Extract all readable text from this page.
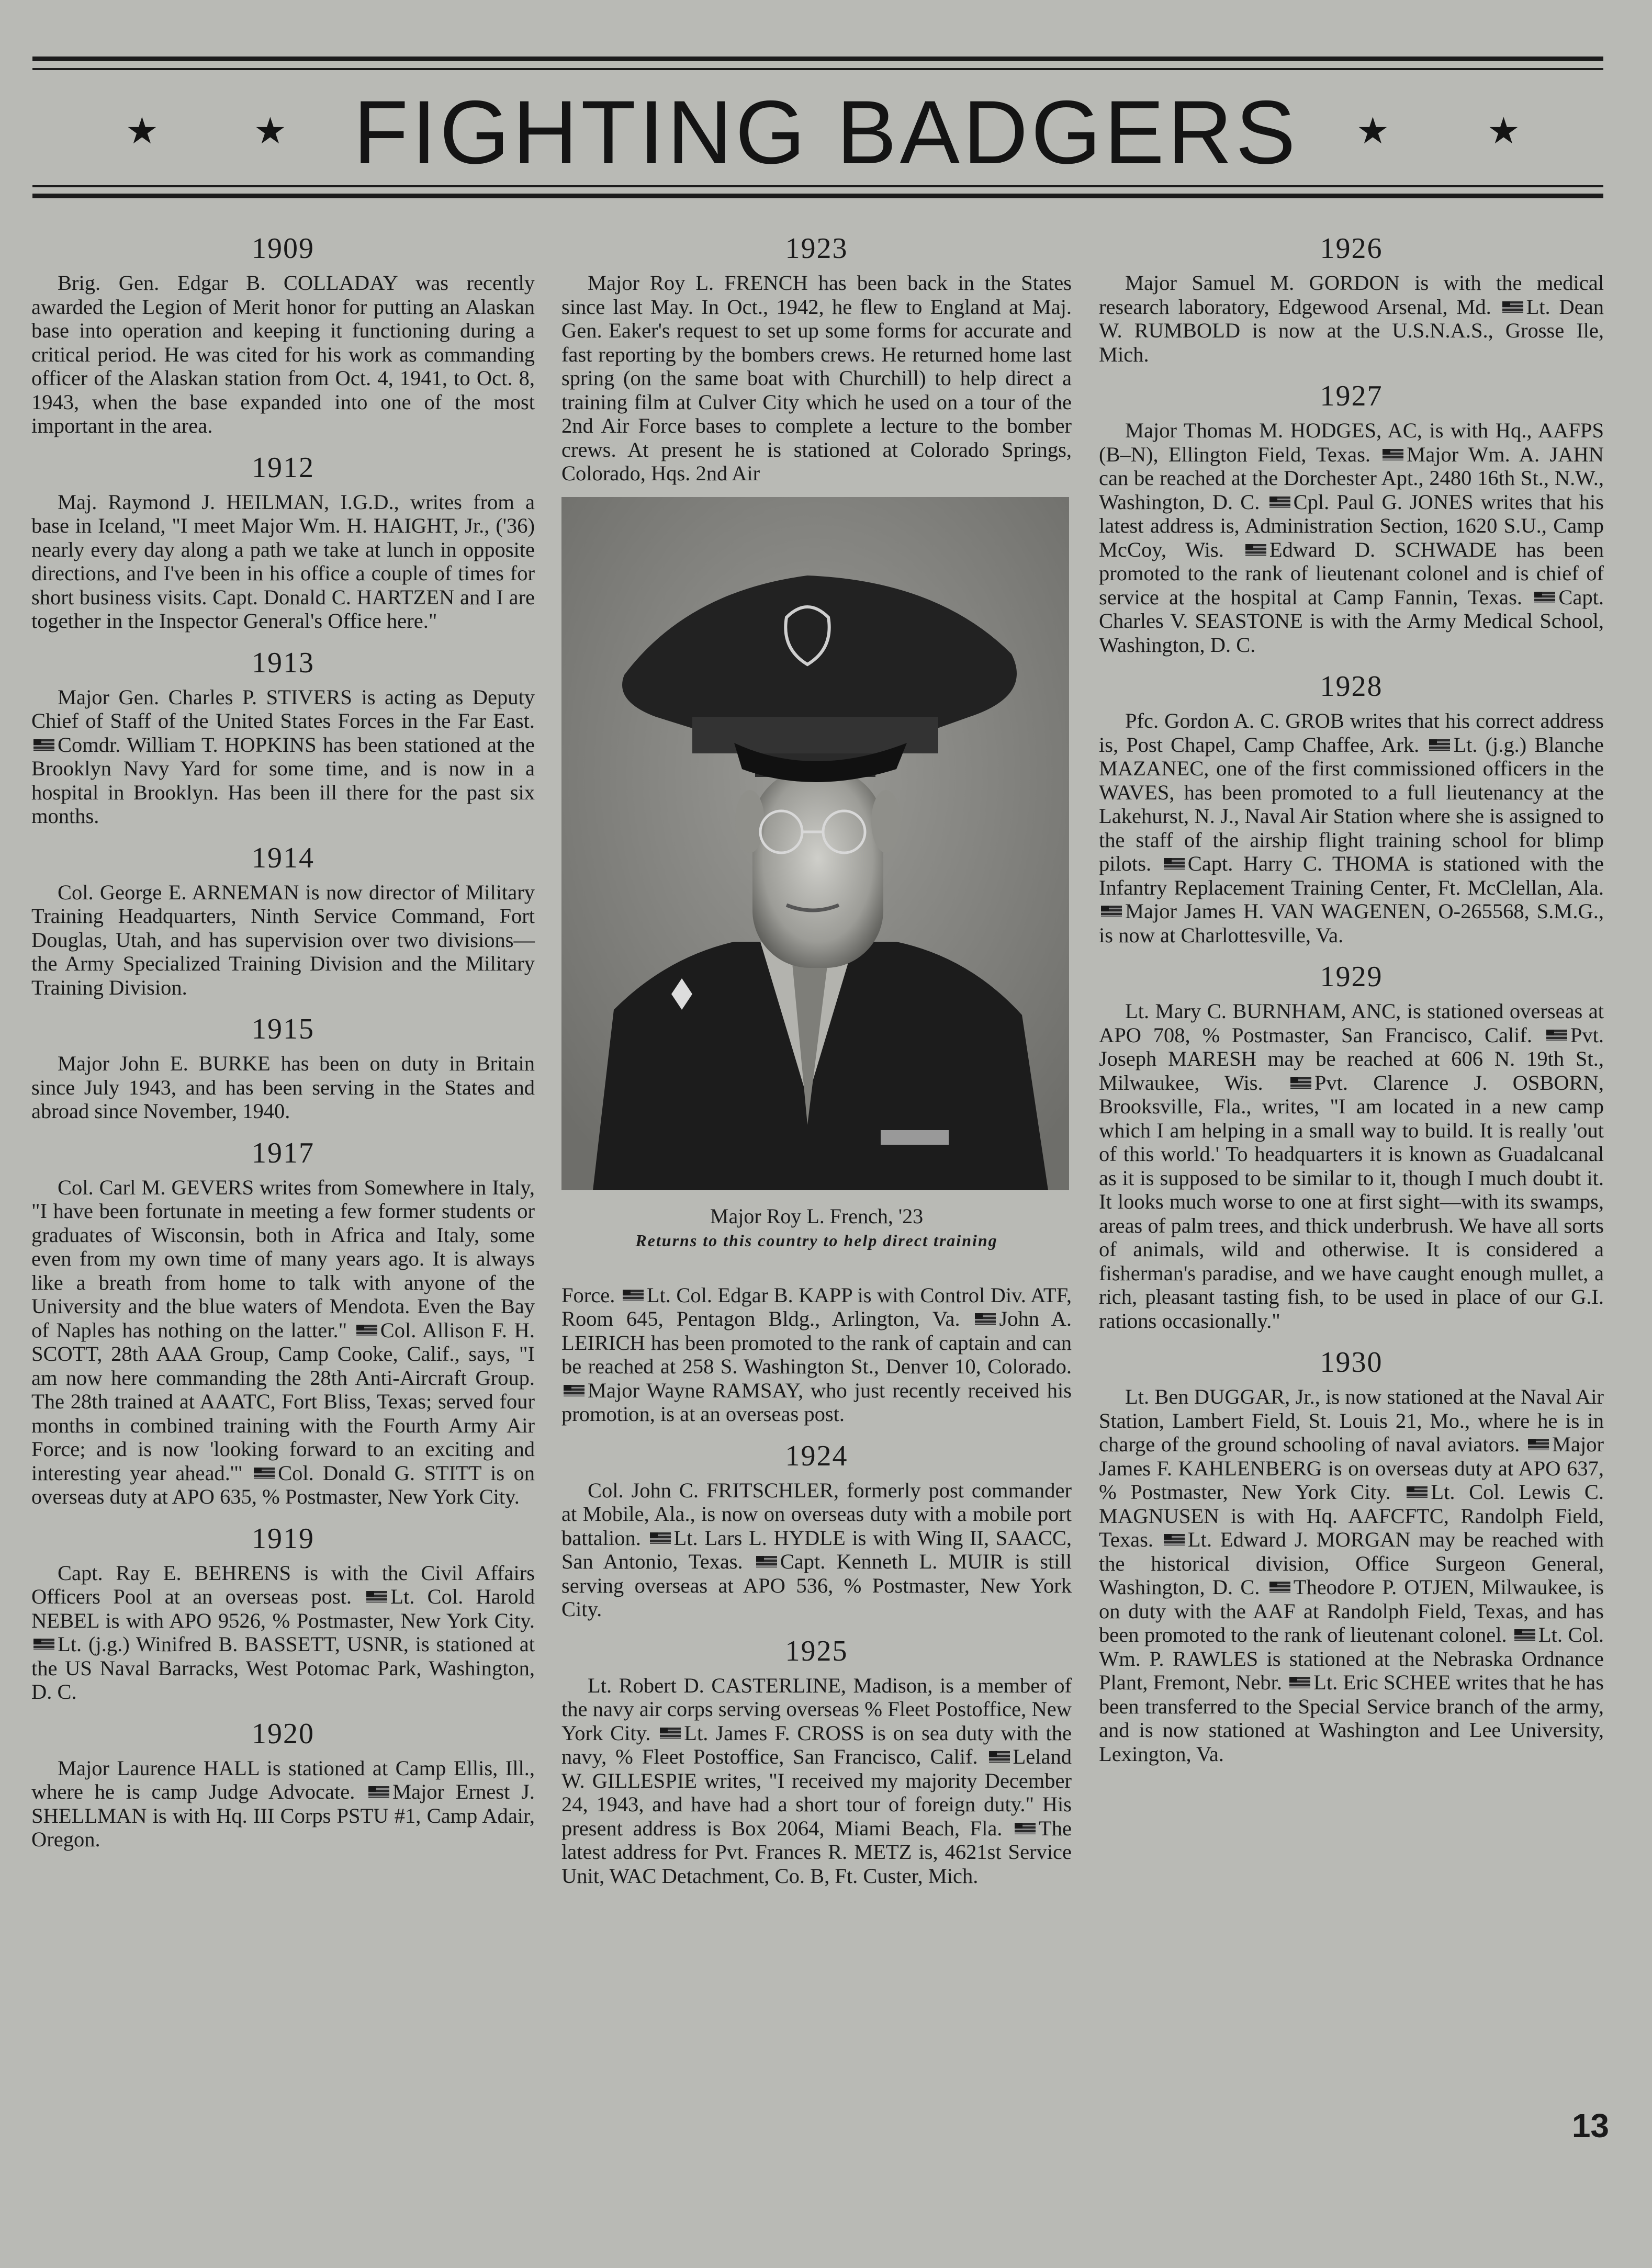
★	★ FIGHTING BADGERS	★	★
1909

Brig. Gen. Edgar B. COLLADAY was recently awarded the Legion of Merit honor for putting an Alaskan base into operation and keeping it functioning during a critical period. He was cited for his work as commanding officer of the Alaskan station from Oct. 4, 1941, to Oct. 8, 1943, when the base expanded into one of the most important in the area.

1912

Maj. Raymond J. HEILMAN, I.G.D., writes from a base in Iceland, "I meet Major Wm. H. HAIGHT, Jr., ('36) nearly every day along a path we take at lunch in opposite directions, and I've been in his office a couple of times for short business visits. Capt. Donald C. HARTZEN and I are together in the Inspector General's Office here."

1913

Major Gen. Charles P. STIVERS is acting as Deputy Chief of Staff of the United States Forces in the Far East. Comdr. William T. HOPKINS has been stationed at the Brooklyn Navy Yard for some time, and is now in a hospital in Brooklyn. Has been ill there for the past six months.

1914

Col. George E. ARNEMAN is now director of Military Training Headquarters, Ninth Service Command, Fort Douglas, Utah, and has supervision over two divisions—the Army Specialized Training Division and the Military Training Division.

1915

Major John E. BURKE has been on duty in Britain since July 1943, and has been serving in the States and abroad since November, 1940.

1917

Col. Carl M. GEVERS writes from Somewhere in Italy, "I have been fortunate in meeting a few former students or graduates of Wisconsin, both in Africa and Italy, some even from my own time of many years ago. It is always like a breath from home to talk with anyone of the University and the blue waters of Mendota. Even the Bay of Naples has nothing on the latter." Col. Allison F. H. SCOTT, 28th AAA Group, Camp Cooke, Calif., says, "I am now here commanding the 28th Anti-Aircraft Group. The 28th trained at AAATC, Fort Bliss, Texas; served four months in combined training with the Fourth Army Air Force; and is now 'looking forward to an exciting and interesting year ahead.'" Col. Donald G. STITT is on overseas duty at APO 635, % Postmaster, New York City.

1919

Capt. Ray E. BEHRENS is with the Civil Affairs Officers Pool at an overseas post. Lt. Col. Harold NEBEL is with APO 9526, % Postmaster, New York City. Lt. (j.g.) Winifred B. BASSETT, USNR, is stationed at the US Naval Barracks, West Potomac Park, Washington, D. C.

1920

Major Laurence HALL is stationed at Camp Ellis, Ill., where he is camp Judge Advocate. Major Ernest J. SHELLMAN is with Hq. III Corps PSTU #1, Camp Adair, Oregon.

1923

Major Roy L. FRENCH has been back in the States since last May. In Oct., 1942, he flew to England at Maj. Gen. Eaker's request to set up some forms for accurate and fast reporting by the bombers crews. He returned home last spring (on the same boat with Churchill) to help direct a training film at Culver City which he used on a tour of the 2nd Air Force bases to complete a lecture to the bomber crews. At present he is stationed at Colorado Springs, Colorado, Hqs. 2nd Air

Major Roy L. French, '23

Returns to this country to help direct training

Force. Lt. Col. Edgar B. KAPP is with Control Div. ATF, Room 645, Pentagon Bldg., Arlington, Va. John A. LEIRICH has been promoted to the rank of captain and can be reached at 258 S. Washington St., Denver 10, Colorado. Major Wayne RAMSAY, who just recently received his promotion, is at an overseas post.

1924

Col. John C. FRITSCHLER, formerly post commander at Mobile, Ala., is now on overseas duty with a mobile port battalion. Lt. Lars L. HYDLE is with Wing II, SAACC, San Antonio, Texas. Capt. Kenneth L. MUIR is still serving overseas at APO 536, % Postmaster, New York City.

1925

Lt. Robert D. CASTERLINE, Madison, is a member of the navy air corps serving overseas % Fleet Postoffice, New York City. Lt. James F. CROSS is on sea duty with the navy, % Fleet Postoffice, San Francisco, Calif. Leland W. GILLESPIE writes, "I received my majority December 24, 1943, and have had a short tour of foreign duty." His present address is Box 2064, Miami Beach, Fla. The latest address for Pvt. Frances R. METZ is, 4621st Service Unit, WAC Detachment, Co. B, Ft. Custer, Mich.

1926

Major Samuel M. GORDON is with the medical research laboratory, Edgewood Arsenal, Md. Lt. Dean W. RUMBOLD is now at the U.S.N.A.S., Grosse Ile, Mich.

1927

Major Thomas M. HODGES, AC, is with Hq., AAFPS (B–N), Ellington Field, Texas. Major Wm. A. JAHN can be reached at the Dorchester Apt., 2480 16th St., N.W., Washington, D. C. Cpl. Paul G. JONES writes that his latest address is, Administration Section, 1620 S.U., Camp McCoy, Wis. Edward D. SCHWADE has been promoted to the rank of lieutenant colonel and is chief of service at the hospital at Camp Fannin, Texas. Capt. Charles V. SEASTONE is with the Army Medical School, Washington, D. C.

1928

Pfc. Gordon A. C. GROB writes that his correct address is, Post Chapel, Camp Chaffee, Ark. Lt. (j.g.) Blanche MAZANEC, one of the first commissioned officers in the WAVES, has been promoted to a full lieutenancy at the Lakehurst, N. J., Naval Air Station where she is assigned to the staff of the airship flight training school for blimp pilots. Capt. Harry C. THOMA is stationed with the Infantry Replacement Training Center, Ft. McClellan, Ala. Major James H. VAN WAGENEN, O-265568, S.M.G., is now at Charlottesville, Va.

1929

Lt. Mary C. BURNHAM, ANC, is stationed overseas at APO 708, % Postmaster, San Francisco, Calif. Pvt. Joseph MARESH may be reached at 606 N. 19th St., Milwaukee, Wis. Pvt. Clarence J. OSBORN, Brooksville, Fla., writes, "I am located in a new camp which I am helping in a small way to build. It is really 'out of this world.' To headquarters it is known as Guadalcanal as it is supposed to be similar to it, though I much doubt it. It looks much worse to one at first sight—with its swamps, areas of palm trees, and thick underbrush. We have all sorts of animals, wild and otherwise. It is considered a fisherman's paradise, and we have caught enough mullet, a rich, pleasant tasting fish, to be used in place of our G.I. rations occasionally."

1930

Lt. Ben DUGGAR, Jr., is now stationed at the Naval Air Station, Lambert Field, St. Louis 21, Mo., where he is in charge of the ground schooling of naval aviators. Major James F. KAHLENBERG is on overseas duty at APO 637, % Postmaster, New York City. Lt. Col. Lewis C. MAGNUSEN is with Hq. AAFCFTC, Randolph Field, Texas. Lt. Edward J. MORGAN may be reached with the historical division, Office Surgeon General, Washington, D. C. Theodore P. OTJEN, Milwaukee, is on duty with the AAF at Randolph Field, Texas, and has been promoted to the rank of lieutenant colonel. Lt. Col. Wm. P. RAWLES is stationed at the Nebraska Ordnance Plant, Fremont, Nebr. Lt. Eric SCHEE writes that he has been transferred to the Special Service branch of the army, and is now stationed at Washington and Lee University, Lexington, Va.

13
